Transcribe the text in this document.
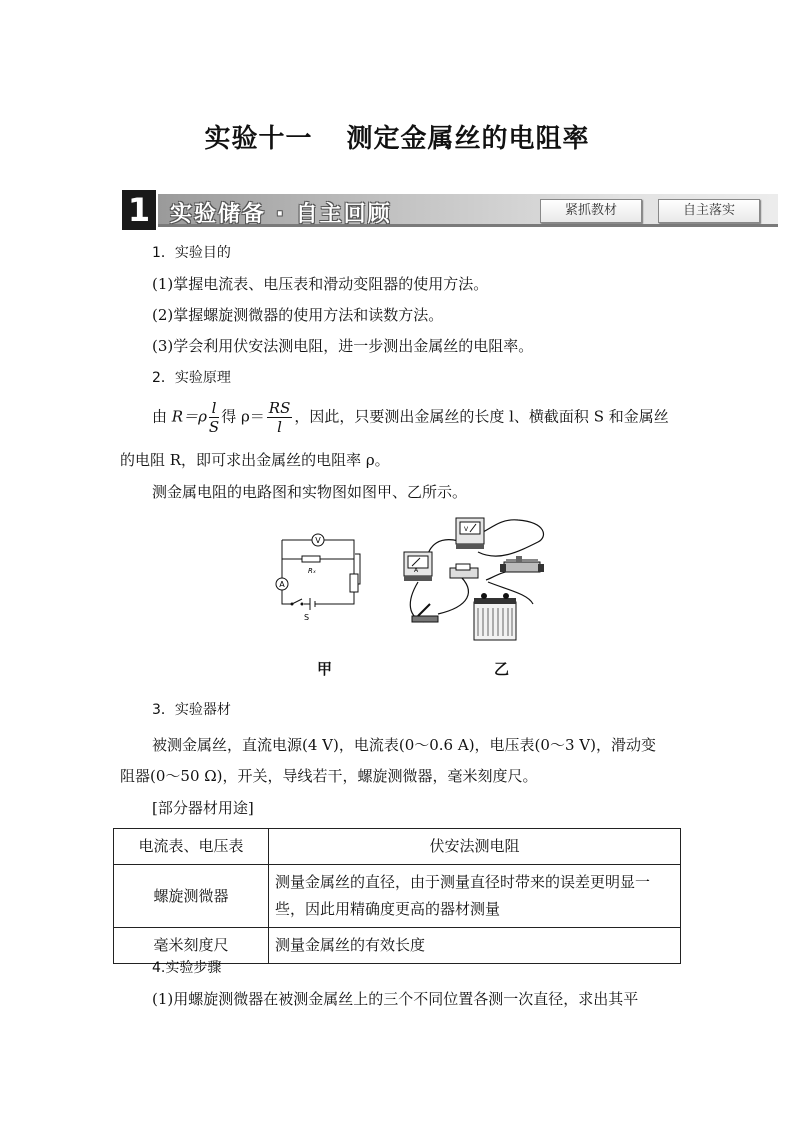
实验十一 测定金属丝的电阻率
1 实验储备 · 自主回顾	紧抓教材	自主落实
1．实验目的
(1)掌握电流表、电压表和滑动变阻器的使用方法。
(2)掌握螺旋测微器的使用方法和读数方法。
(3)学会利用伏安法测电阻，进一步测出金属丝的电阻率。
2．实验原理
由 $R=\rho \frac{l}{S}$ 得 $\rho= \frac{RS}{l}$ ，因此，只要测出金属丝的长度 l、横截面积 S 和金属丝
的电阻 R，即可求出金属丝的电阻率 ρ。
测金属电阻的电路图和实物图如图甲、乙所示。
V
Rₓ
A
S
V
A
甲	乙
3．实验器材
被测金属丝，直流电源(4 V)，电流表(0～0.6 A)，电压表(0～3 V)，滑动变
阻器(0～50 Ω)，开关，导线若干，螺旋测微器，毫米刻度尺。
[部分器材用途]
电流表、电压表	伏安法测电阻
螺旋测微器	测量金属丝的直径，由于测量直径时带来的误差更明显一
些，因此用精确度更高的器材测量
毫米刻度尺	测量金属丝的有效长度
4.实验步骤
(1)用螺旋测微器在被测金属丝上的三个不同位置各测一次直径，求出其平
